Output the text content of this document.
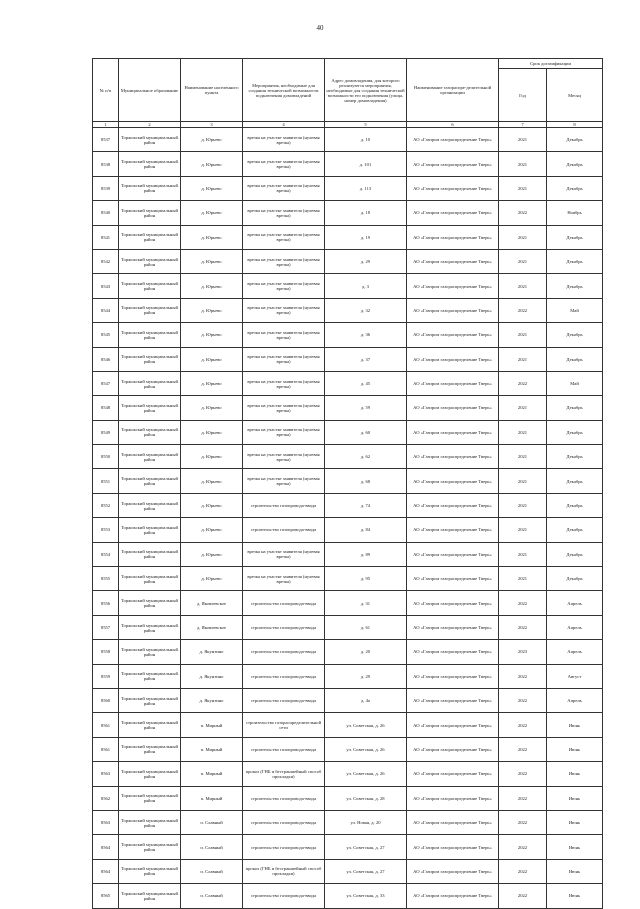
40
№ п/п	Муниципальное образование	Наименование населенного пункта	Мероприятия, необходимые для создания технической возможности подключения домовладений	Адрес домовладения, для которого реализуются мероприятия, необходимые для создания технической возможности его подключения (улица, номер домовладения)	Наименование газораспре-делительной организации	Срок догазификации	
						Год	Месяц
1	2	3	4	5	6	7	8
8537	Торжокский муниципальный район	д. Юрьево	врезка на участке заявителя (нулевая врезка)	д. 10	АО «Газпром газораспределение Тверь»	2021	Декабрь
8538	Торжокский муниципальный район	д. Юрьево	врезка на участке заявителя (нулевая врезка)	д. 101	АО «Газпром газораспределение Тверь»	2021	Декабрь
8539	Торжокский муниципальный район	д. Юрьево	врезка на участке заявителя (нулевая врезка)	д. 113	АО «Газпром газораспределение Тверь»	2021	Декабрь
8540	Торжокский муниципальный район	д. Юрьево	врезка на участке заявителя (нулевая врезка)	д. 18	АО «Газпром газораспределение Тверь»	2022	Ноябрь
8541	Торжокский муниципальный район	д. Юрьево	врезка на участке заявителя (нулевая врезка)	д. 19	АО «Газпром газораспределение Тверь»	2021	Декабрь
8542	Торжокский муниципальный район	д. Юрьево	врезка на участке заявителя (нулевая врезка)	д. 29	АО «Газпром газораспределение Тверь»	2021	Декабрь
8543	Торжокский муниципальный район	д. Юрьево	врезка на участке заявителя (нулевая врезка)	д. 3	АО «Газпром газораспределение Тверь»	2021	Декабрь
8544	Торжокский муниципальный район	д. Юрьево	врезка на участке заявителя (нулевая врезка)	д. 32	АО «Газпром газораспределение Тверь»	2022	Май
8545	Торжокский муниципальный район	д. Юрьево	врезка на участке заявителя (нулевая врезка)	д. 36	АО «Газпром газораспределение Тверь»	2021	Декабрь
8546	Торжокский муниципальный район	д. Юрьево	врезка на участке заявителя (нулевая врезка)	д. 37	АО «Газпром газораспределение Тверь»	2021	Декабрь
8547	Торжокский муниципальный район	д. Юрьево	врезка на участке заявителя (нулевая врезка)	д. 45	АО «Газпром газораспределение Тверь»	2022	Май
8548	Торжокский муниципальный район	д. Юрьево	врезка на участке заявителя (нулевая врезка)	д. 59	АО «Газпром газораспределение Тверь»	2021	Декабрь
8549	Торжокский муниципальный район	д. Юрьево	врезка на участке заявителя (нулевая врезка)	д. 60	АО «Газпром газораспределение Тверь»	2021	Декабрь
8550	Торжокский муниципальный район	д. Юрьево	врезка на участке заявителя (нулевая врезка)	д. 62	АО «Газпром газораспределение Тверь»	2021	Декабрь
8551	Торжокский муниципальный район	д. Юрьево	врезка на участке заявителя (нулевая врезка)	д. 68	АО «Газпром газораспределение Тверь»	2021	Декабрь
8552	Торжокский муниципальный район	д. Юрьево	строительство газопровода-ввода	д. 74	АО «Газпром газораспределение Тверь»	2021	Декабрь
8553	Торжокский муниципальный район	д. Юрьево	строительство газопровода-ввода	д. 84	АО «Газпром газораспределение Тверь»	2021	Декабрь
8554	Торжокский муниципальный район	д. Юрьево	врезка на участке заявителя (нулевая врезка)	д. 89	АО «Газпром газораспределение Тверь»	2021	Декабрь
8555	Торжокский муниципальный район	д. Юрьево	врезка на участке заявителя (нулевая врезка)	д. 95	АО «Газпром газораспределение Тверь»	2021	Декабрь
8556	Торжокский муниципальный район	д. Яковлевское	строительство газопровода-ввода	д. 31	АО «Газпром газораспределение Тверь»	2022	Апрель
8557	Торжокский муниципальный район	д. Яковлевское	строительство газопровода-ввода	д. 61	АО «Газпром газораспределение Тверь»	2022	Апрель
8558	Торжокский муниципальный район	д. Якунтино	строительство газопровода-ввода	д. 20	АО «Газпром газораспределение Тверь»	2023	Апрель
8559	Торжокский муниципальный район	д. Якунтино	строительство газопровода-ввода	д. 29	АО «Газпром газораспределение Тверь»	2022	Август
8560	Торжокский муниципальный район	д. Якунтино	строительство газопровода-ввода	д. 4а	АО «Газпром газораспределение Тверь»	2022	Апрель
8561	Торжокский муниципальный район	п. Мирный	строительство газораспределительной сети	ул. Советская, д. 26	АО «Газпром газораспределение Тверь»	2022	Июнь
8561	Торжокский муниципальный район	п. Мирный	строительство газопровода-ввода	ул. Советская, д. 26	АО «Газпром газораспределение Тверь»	2022	Июнь
8563	Торжокский муниципальный район	п. Мирный	прокол (ГНБ и бестраншейный способ прокладки)	ул. Советская, д. 26	АО «Газпром газораспределение Тверь»	2022	Июнь
8562	Торжокский муниципальный район	п. Мирный	строительство газопровода-ввода	ул. Советская, д. 28	АО «Газпром газораспределение Тверь»	2022	Июнь
8563	Торжокский муниципальный район	п. Славный	строительство газопровода-ввода	ул. Новая, д. 20	АО «Газпром газораспределение Тверь»	2022	Июнь
8564	Торжокский муниципальный район	п. Славный	строительство газопровода-ввода	ул. Советская, д. 27	АО «Газпром газораспределение Тверь»	2022	Июнь
8564	Торжокский муниципальный район	п. Славный	прокол (ГНБ и бестраншейный способ прокладки)	ул. Советская, д. 27	АО «Газпром газораспределение Тверь»	2022	Июнь
8565	Торжокский муниципальный район	п. Славный	строительство газопровода-ввода	ул. Советская, д. 33	АО «Газпром газораспределение Тверь»	2022	Июнь
